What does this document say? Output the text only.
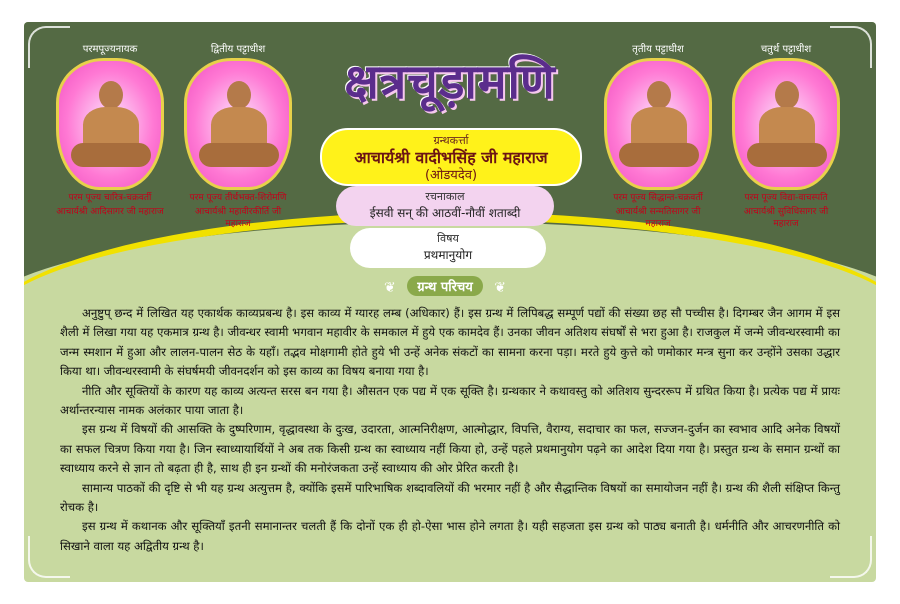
क्षत्रचूड़ामणि
परमपूज्यनायक
परम पूज्य चारित्र-चक्रवर्ती
आचार्यश्री आदिसागर जी महाराज
द्वितीय पट्टाधीश
परम पूज्य तीर्थभक्त-शिरोमणि
आचार्यश्री महावीरकीर्ति जी महाराज
तृतीय पट्टाधीश
परम पूज्य सिद्धान्त-चक्रवर्ती
आचार्यश्री सन्मतिसागर जी महाराज
चतुर्थ पट्टाधीश
परम पूज्य विद्या-वाचस्पति
आचार्यश्री सुविधिसागर जी महाराज
ग्रन्थकर्त्ता
आचार्यश्री वादीभसिंह जी महाराज
(ओडयदेव)
रचनाकाल
ईसवी सन् की आठवीं-नौवीं शताब्दी
विषय
प्रथमानुयोग
❦ ग्रन्थ परिचय ❦

अनुष्टुप् छन्द में लिखित यह एकार्थक काव्यप्रबन्ध है। इस काव्य में ग्यारह लम्ब (अधिकार) हैं। इस ग्रन्थ में लिपिबद्ध सम्पूर्ण पद्यों की संख्या छह सौ पच्चीस है। दिगम्बर जैन आगम में इस शैली में लिखा गया यह एकमात्र ग्रन्थ है। जीवन्धर स्वामी भगवान महावीर के समकाल में हुये एक कामदेव हैं। उनका जीवन अतिशय संघर्षों से भरा हुआ है। राजकुल में जन्मे जीवन्धरस्वामी का जन्म स्मशान में हुआ और लालन-पालन सेठ के यहाँ। तद्भव मोक्षगामी होते हुये भी उन्हें अनेक संकटों का सामना करना पड़ा। मरते हुये कुत्ते को णमोकार मन्त्र सुना कर उन्होंने उसका उद्धार किया था। जीवन्धरस्वामी के संघर्षमयी जीवनदर्शन को इस काव्य का विषय बनाया गया है।

नीति और सूक्तियों के कारण यह काव्य अत्यन्त सरस बन गया है। औसतन एक पद्य में एक सूक्ति है। ग्रन्थकार ने कथावस्तु को अतिशय सुन्दररूप में ग्रथित किया है। प्रत्येक पद्य में प्रायः अर्थान्तरन्यास नामक अलंकार पाया जाता है।

इस ग्रन्थ में विषयों की आसक्ति के दुष्परिणाम, वृद्धावस्था के दुःख, उदारता, आत्मनिरीक्षण, आत्मोद्धार, विपत्ति, वैराग्य, सदाचार का फल, सज्जन-दुर्जन का स्वभाव आदि अनेक विषयों का सफल चित्रण किया गया है। जिन स्वाध्यायार्थियों ने अब तक किसी ग्रन्थ का स्वाध्याय नहीं किया हो, उन्हें पहले प्रथमानुयोग पढ़ने का आदेश दिया गया है। प्रस्तुत ग्रन्थ के समान ग्रन्थों का स्वाध्याय करने से ज्ञान तो बढ़ता ही है, साथ ही इन ग्रन्थों की मनोरंजकता उन्हें स्वाध्याय की ओर प्रेरित करती है।

सामान्य पाठकों की दृष्टि से भी यह ग्रन्थ अत्युत्तम है, क्योंकि इसमें पारिभाषिक शब्दावलियों की भरमार नहीं है और सैद्धान्तिक विषयों का समायोजन नहीं है। ग्रन्थ की शैली संक्षिप्त किन्तु रोचक है।

इस ग्रन्थ में कथानक और सूक्तियाँ इतनी समानान्तर चलती हैं कि दोनों एक ही हो-ऐसा भास होने लगता है। यही सहजता इस ग्रन्थ को पाठ्य बनाती है। धर्मनीति और आचरणनीति को सिखाने वाला यह अद्वितीय ग्रन्थ है।
